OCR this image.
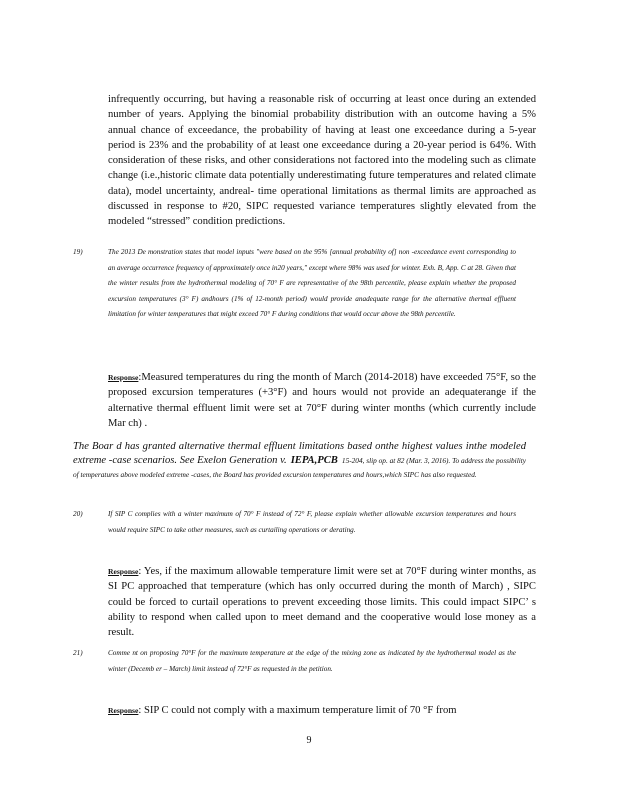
infrequently occurring, but having a reasonable risk of occurring at least once during an extended number of years. Applying the binomial probability distribution with an outcome having a 5% annual chance of exceedance, the probability of having at least one exceedance during a 5-year period is 23% and the probability of at least one exceedance during a 20-year period is 64%. With consideration of these risks, and other considerations not factored into the modeling such as climate change (i.e.,historic climate data potentially underestimating future temperatures and related climate data), model uncertainty, andreal- time operational limitations as thermal limits are approached as discussed in response to #20, SIPC requested variance temperatures slightly elevated from the modeled “stressed” condition predictions.

19)	The 2013 De monstration states that model inputs "were based on the 95% [annual probability of] non -exceedance event corresponding to an average occurrence frequency of approximately once in20 years," except where 98% was used for winter. Exh. B, App. C at 28. Given that the winter results from the hydrothermal modeling of 70° F are representative of the 98th percentile, please explain whether the proposed excursion temperatures (3° F) andhours (1% of 12-month period) would provide anadequate range for the alternative thermal effluent limitation for winter temperatures that might exceed 70° F during conditions that would occur above the 98th percentile.

Response:Measured temperatures du ring the month of March (2014-2018) have exceeded 75°F, so the proposed excursion temperatures (+3°F) and hours would not provide an adequaterange if the alternative thermal effluent limit were set at 70°F during winter months (which currently include Mar ch) .

The Boar d has granted alternative thermal effluent limitations based onthe highest values inthe modeled extreme -case scenarios. See Exelon Generation v. IEPA,PCB 15-204, slip op. at 82 (Mar. 3, 2016). To address the possibility of temperatures above modeled extreme -cases, the Board has provided excursion temperatures and hours,which SIPC has also requested.

20)	If SIP C complies with a winter maximum of 70° F instead of 72° F, please explain whether allowable excursion temperatures and hours would require SIPC to take other measures, such as curtailing operations or derating.

Response: Yes, if the maximum allowable temperature limit were set at 70°F during winter months, as SI PC approached that temperature (which has only occurred during the month of March) , SIPC could be forced to curtail operations to prevent exceeding those limits. This could impact SIPC’ s ability to respond when called upon to meet demand and the cooperative would lose money as a result.

21)	Comme nt on proposing 70°F for the maximum temperature at the edge of the mixing zone as indicated by the hydrothermal model as the winter (Decemb er – March) limit instead of 72°F as requested in the petition.

Response: SIP C could not comply with a maximum temperature limit of 70 °F from

9
